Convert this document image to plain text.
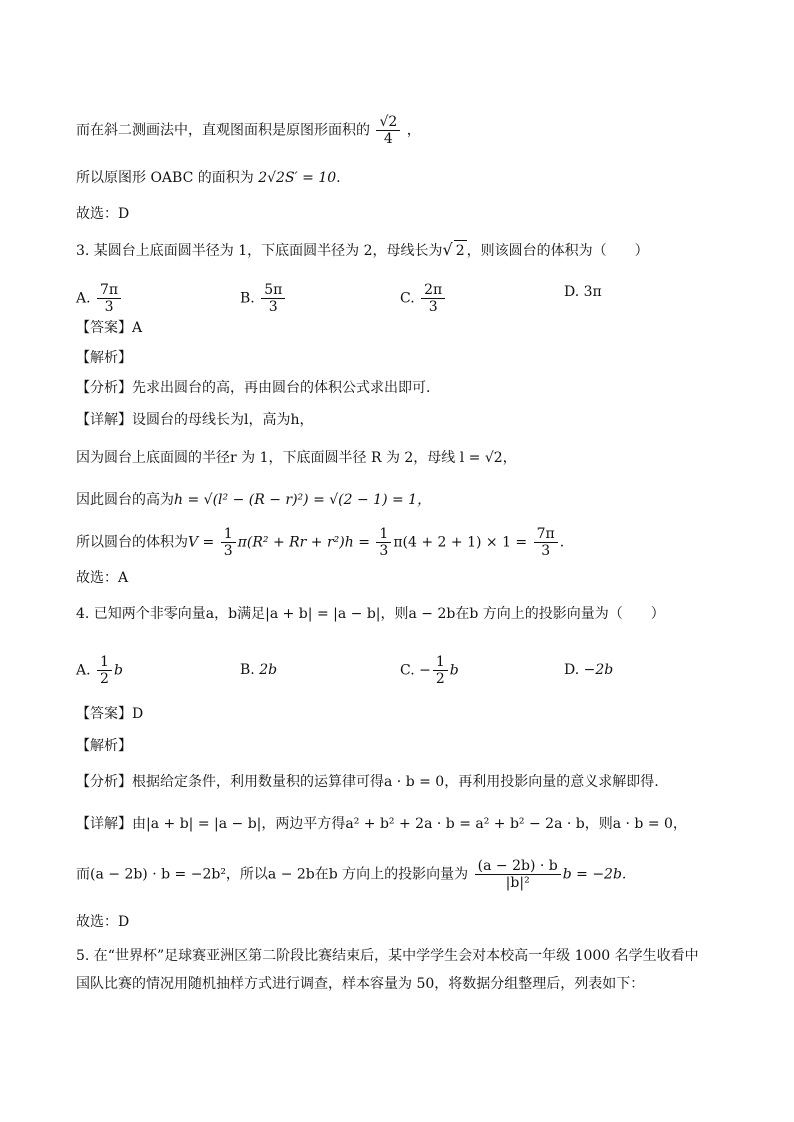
而在斜二测画法中，直观图面积是原图形面积的 $\frac{√2}{4}$ ，
所以原图形 OABC 的面积为 2√2S′ = 10.
故选：D
3. 某圆台上底面圆半径为 1，下底面圆半径为 2，母线长为√ 2 ，则该圆台的体积为（　　）
A. $\frac{7\pi}{3}$	B. $\frac{5\pi}{3}$	C. $\frac{2\pi}{3}$	D. 3π
【答案】A
【解析】
【分析】先求出圆台的高，再由圆台的体积公式求出即可.
【详解】设圆台的母线长为l，高为h，
因为圆台上底面圆的半径r 为 1，下底面圆半径 R 为 2，母线 l = √2，
因此圆台的高为h = √(l² − (R − r)²) = √(2 − 1) = 1，
所以圆台的体积为$V = \frac{1}{3} \pi(R^2 + Rr + r^2)h = \frac{1}{3} \pi(4 + 2 + 1) \times 1 = \frac{7\pi}{3}$ .
故选：A
4. 已知两个非零向量a，b满足|a + b| = |a − b|，则a − 2b在b 方向上的投影向量为（　　）
A. $\frac{1}{2}$ b	B. 2b	C. − $\frac{1}{2}$ b	D. −2b
【答案】D
【解析】
【分析】根据给定条件，利用数量积的运算律可得a · b = 0，再利用投影向量的意义求解即得.
【详解】由|a + b| = |a − b|，两边平方得a² + b² + 2a · b = a² + b² − 2a · b，则a · b = 0，
而(a − 2b) · b = −2b²，所以a − 2b在b 方向上的投影向量为 $\frac{(a - 2b) \cdot b}{\text{|b|²}}$ b = −2b.
故选：D
5. 在“世界杯”足球赛亚洲区第二阶段比赛结束后，某中学学生会对本校高一年级 1000 名学生收看中
国队比赛的情况用随机抽样方式进行调查，样本容量为 50，将数据分组整理后，列表如下：
